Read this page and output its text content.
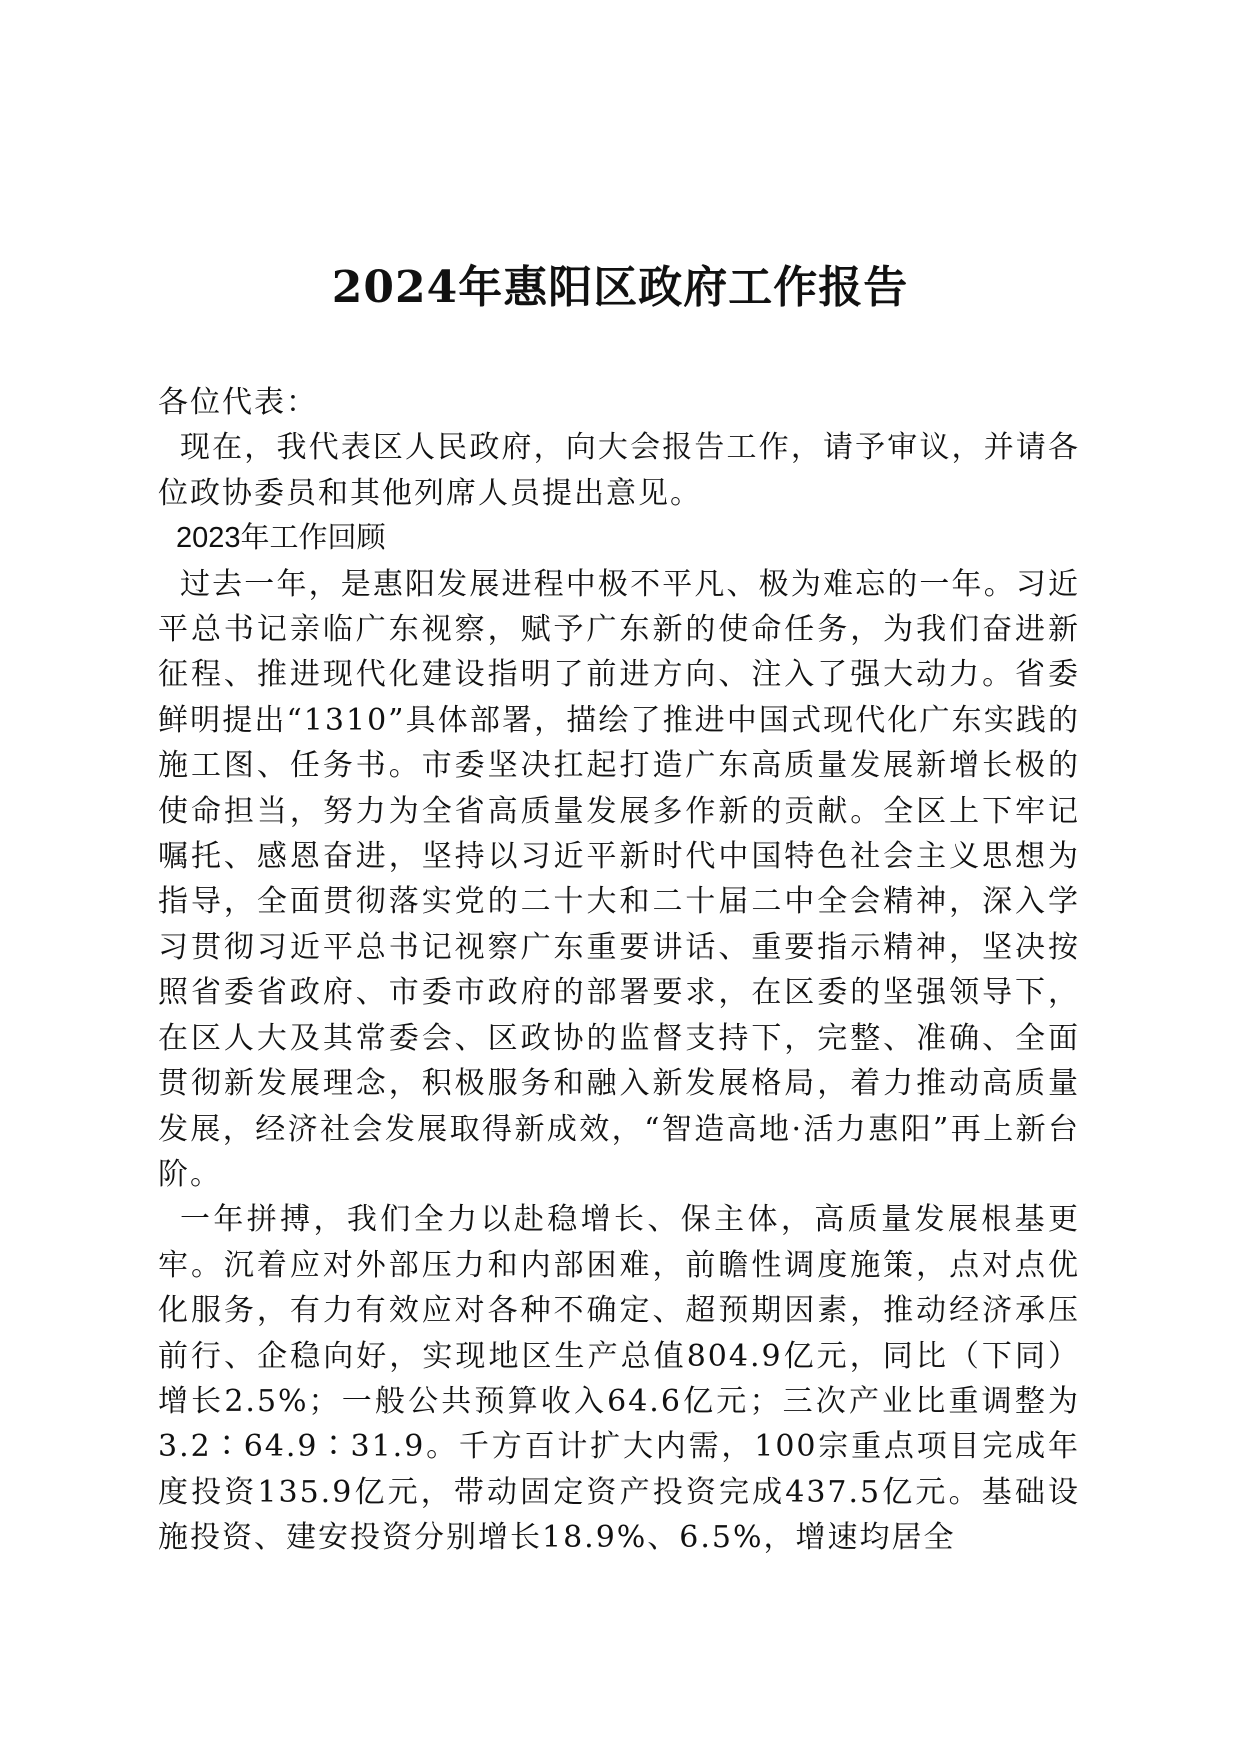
2024年惠阳区政府工作报告

各位代表：

现在，我代表区人民政府，向大会报告工作，请予审议，并请各位政协委员和其他列席人员提出意见。

2023年工作回顾

过去一年，是惠阳发展进程中极不平凡、极为难忘的一年。习近平总书记亲临广东视察，赋予广东新的使命任务，为我们奋进新征程、推进现代化建设指明了前进方向、注入了强大动力。省委鲜明提出“1310”具体部署，描绘了推进中国式现代化广东实践的施工图、任务书。市委坚决扛起打造广东高质量发展新增长极的使命担当，努力为全省高质量发展多作新的贡献。全区上下牢记嘱托、感恩奋进，坚持以习近平新时代中国特色社会主义思想为指导，全面贯彻落实党的二十大和二十届二中全会精神，深入学习贯彻习近平总书记视察广东重要讲话、重要指示精神，坚决按照省委省政府、市委市政府的部署要求，在区委的坚强领导下，在区人大及其常委会、区政协的监督支持下，完整、准确、全面贯彻新发展理念，积极服务和融入新发展格局，着力推动高质量发展，经济社会发展取得新成效，“智造高地·活力惠阳”再上新台阶。

一年拼搏，我们全力以赴稳增长、保主体，高质量发展根基更牢。沉着应对外部压力和内部困难，前瞻性调度施策，点对点优化服务，有力有效应对各种不确定、超预期因素，推动经济承压前行、企稳向好，实现地区生产总值804.9亿元，同比（下同）增长2.5%；一般公共预算收入64.6亿元；三次产业比重调整为3.2∶64.9∶31.9。千方百计扩大内需，100宗重点项目完成年度投资135.9亿元，带动固定资产投资完成437.5亿元。基础设施投资、建安投资分别增长18.9%、6.5%，增速均居全
